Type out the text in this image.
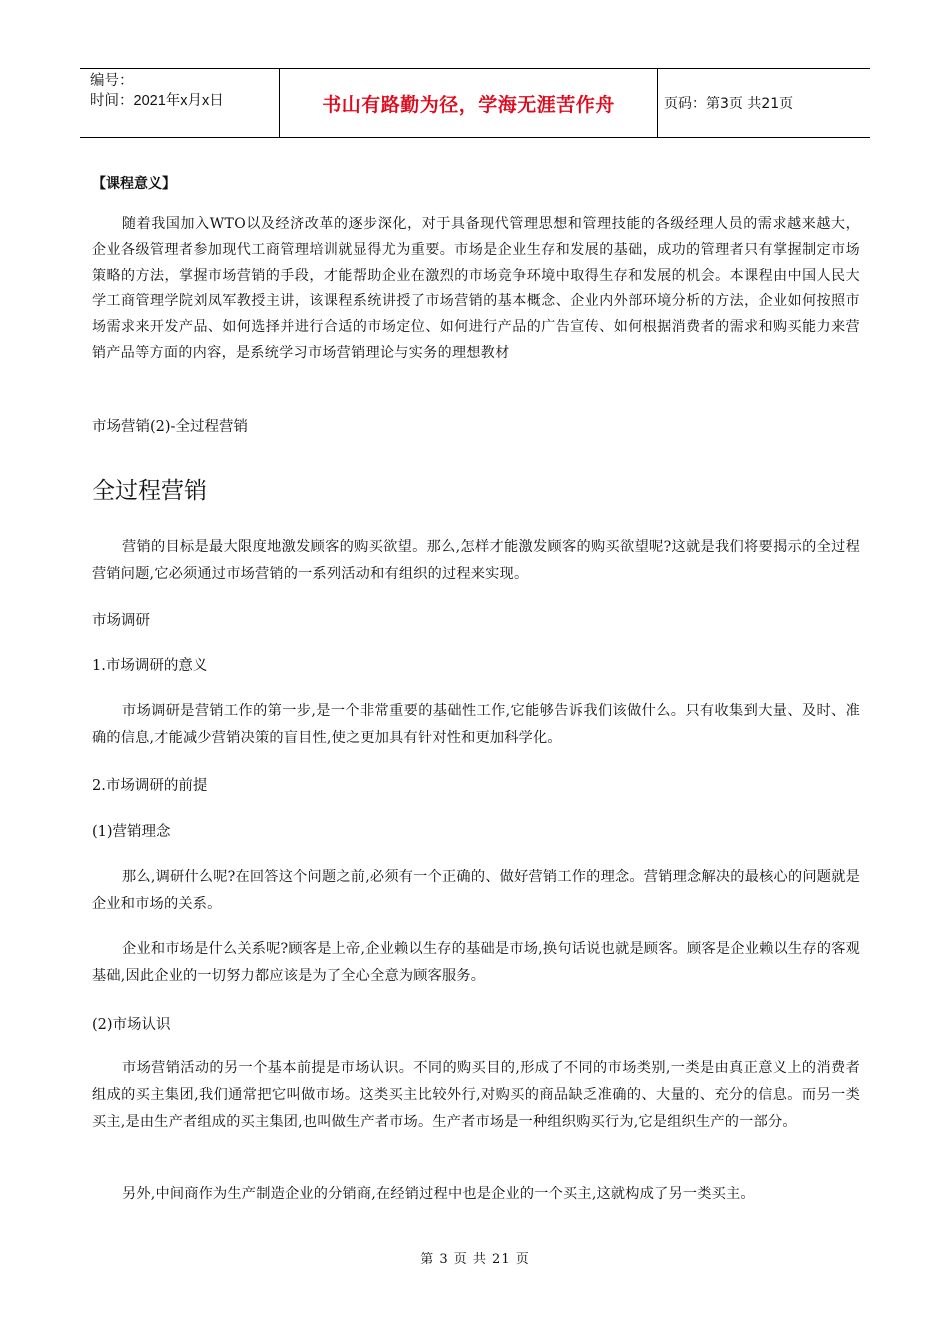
编号：
时间：2021年x月x日	书山有路勤为径，学海无涯苦作舟	页码：第3页 共21页

【课程意义】

随着我国加入WTO以及经济改革的逐步深化，对于具备现代管理思想和管理技能的各级经理人员的需求越来越大，企业各级管理者参加现代工商管理培训就显得尤为重要。市场是企业生存和发展的基础，成功的管理者只有掌握制定市场策略的方法，掌握市场营销的手段，才能帮助企业在激烈的市场竞争环境中取得生存和发展的机会。本课程由中国人民大学工商管理学院刘凤军教授主讲，该课程系统讲授了市场营销的基本概念、企业内外部环境分析的方法，企业如何按照市场需求来开发产品、如何选择并进行合适的市场定位、如何进行产品的广告宣传、如何根据消费者的需求和购买能力来营销产品等方面的内容，是系统学习市场营销理论与实务的理想教材

市场营销(2)-全过程营销

全过程营销

营销的目标是最大限度地激发顾客的购买欲望。那么,怎样才能激发顾客的购买欲望呢?这就是我们将要揭示的全过程营销问题,它必须通过市场营销的一系列活动和有组织的过程来实现。

市场调研

1.市场调研的意义

市场调研是营销工作的第一步,是一个非常重要的基础性工作,它能够告诉我们该做什么。只有收集到大量、及时、准确的信息,才能减少营销决策的盲目性,使之更加具有针对性和更加科学化。

2.市场调研的前提

(1)营销理念

那么,调研什么呢?在回答这个问题之前,必须有一个正确的、做好营销工作的理念。营销理念解决的最核心的问题就是企业和市场的关系。

企业和市场是什么关系呢?顾客是上帝,企业赖以生存的基础是市场,换句话说也就是顾客。顾客是企业赖以生存的客观基础,因此企业的一切努力都应该是为了全心全意为顾客服务。

(2)市场认识

市场营销活动的另一个基本前提是市场认识。不同的购买目的,形成了不同的市场类别,一类是由真正意义上的消费者组成的买主集团,我们通常把它叫做市场。这类买主比较外行,对购买的商品缺乏准确的、大量的、充分的信息。而另一类买主,是由生产者组成的买主集团,也叫做生产者市场。生产者市场是一种组织购买行为,它是组织生产的一部分。

另外,中间商作为生产制造企业的分销商,在经销过程中也是企业的一个买主,这就构成了另一类买主。

第 3 页 共 21 页
